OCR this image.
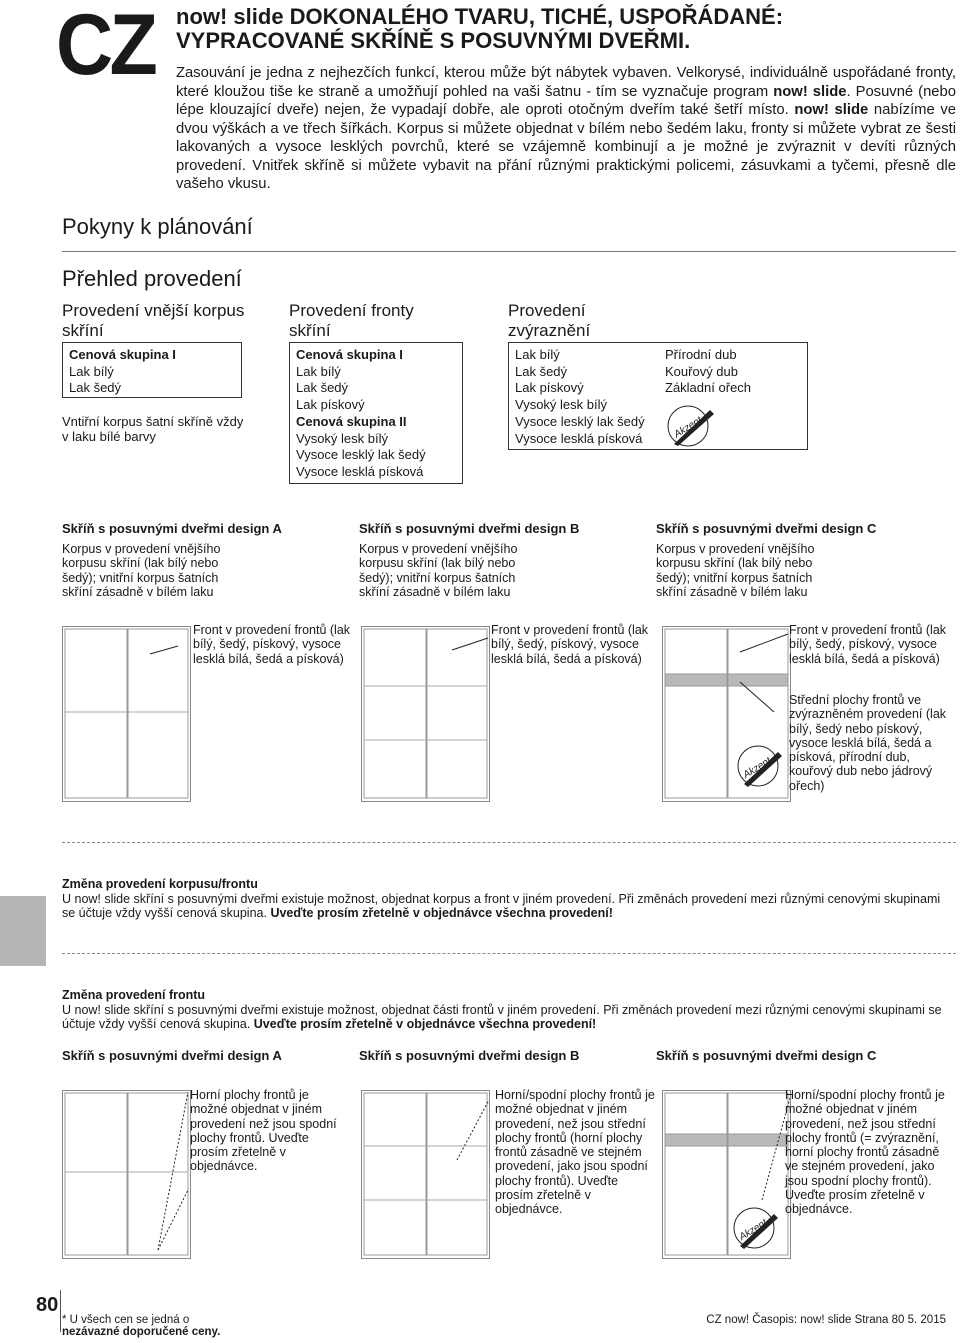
CZ now! slide DOKONALÉHO TVARU, TICHÉ, USPOŘÁDANÉ: VYPRACOVANÉ SKŘÍNĚ S POSUVNÝMI DVEŘMI.
Zasouvání je jedna z nejhezčích funkcí, kterou může být nábytek vybaven. Velkorysé, individuálně uspořádané fronty, které kloužou tiše ke straně a umožňují pohled na vaši šatnu - tím se vyznačuje program now! slide. Posuvné (nebo lépe klouzající dveře) nejen, že vypadají dobře, ale oproti otočným dveřím také šetří místo. now! slide nabízíme ve dvou výškách a ve třech šířkách. Korpus si můžete objednat v bílém nebo šedém laku, fronty si můžete vybrat ze šesti lakovaných a vysoce lesklých povrchů, které se vzájemně kombinují a je možné je zvýraznit v devíti různých provedení. Vnitřek skříně si můžete vybavit na přání různými praktickými policemi, zásuvkami a tyčemi, přesně dle vašeho vkusu.
Pokyny k plánování
Přehled provedení
Provedení vnější korpus skříní
Cenová skupina I
Lak bílý
Lak šedý
Vntiřní korpus šatní skříně vždy v laku bílé barvy
Provedení fronty skříní
Cenová skupina I
Lak bílý
Lak šedý
Lak pískový
Cenová skupina II
Vysoký lesk bílý
Vysoce lesklý lak šedý
Vysoce lesklá písková
Provedení zvýraznění
Lak bílý
Lak šedý
Lak pískový
Vysoký lesk bílý
Vysoce lesklý lak šedý
Vysoce lesklá písková
Přírodní dub
Kouřový dub
Základní ořech
Akzent
Skříň s posuvnými dveřmi design A
Korpus v provedení vnějšího korpusu skříní (lak bílý nebo šedý); vnitřní korpus šatních skříní zásadně v bílém laku
Skříň s posuvnými dveřmi design B
Korpus v provedení vnějšího korpusu skříní (lak bílý nebo šedý); vnitřní korpus šatních skříní zásadně v bílém laku
Skříň s posuvnými dveřmi design C
Korpus v provedení vnějšího korpusu skříní (lak bílý nebo šedý); vnitřní korpus šatních skříní zásadně v bílém laku
Front v provedení frontů (lak bílý, šedý, pískový, vysoce lesklá bílá, šedá a písková)
Front v provedení frontů (lak bílý, šedý, pískový, vysoce lesklá bílá, šedá a písková)
Front v provedení frontů (lak bílý, šedý, pískový, vysoce lesklá bílá, šedá a písková)
Střední plochy frontů ve zvýrazněném provedení (lak bílý, šedý nebo pískový, vysoce lesklá bílá, šedá a písková, přírodní dub, kouřový dub nebo jádrový ořech)
Akzent
Změna provedení korpusu/frontu
U now! slide skříní s posuvnými dveřmi existuje možnost, objednat korpus a front v jiném provedení. Při změnách provedení mezi různými cenovými skupinami se účtuje vždy vyšší cenová skupina. Uveďte prosím zřetelně v objednávce všechna provedení!
Změna provedení frontu
U now! slide skříní s posuvnými dveřmi existuje možnost, objednat části frontů v jiném provedení. Při změnách provedení mezi různými cenovými skupinami se účtuje vždy vyšší cenová skupina. Uveďte prosím zřetelně v objednávce všechna provedení!
Skříň s posuvnými dveřmi design A	Skříň s posuvnými dveřmi design B	Skříň s posuvnými dveřmi design C
Horní plochy frontů je možné objednat v jiném provedení než jsou spodní plochy frontů. Uveďte prosím zřetelně v objednávce.
Horní/spodní plochy frontů je možné objednat v jiném provedení, než jsou střední plochy frontů (horní plochy frontů zásadně ve stejném provedení, jako jsou spodní plochy frontů). Uveďte prosím zřetelně v objednávce.
Horní/spodní plochy frontů je možné objednat v jiném provedení, než jsou střední plochy frontů (= zvýraznění, horní plochy frontů zásadně ve stejném provedení, jako jsou spodní plochy frontů). Uveďte prosím zřetelně v objednávce.
Akzent
80
* U všech cen se jedná o
nezávazné doporučené ceny.
CZ now! Časopis: now! slide Strana 80 5. 2015
